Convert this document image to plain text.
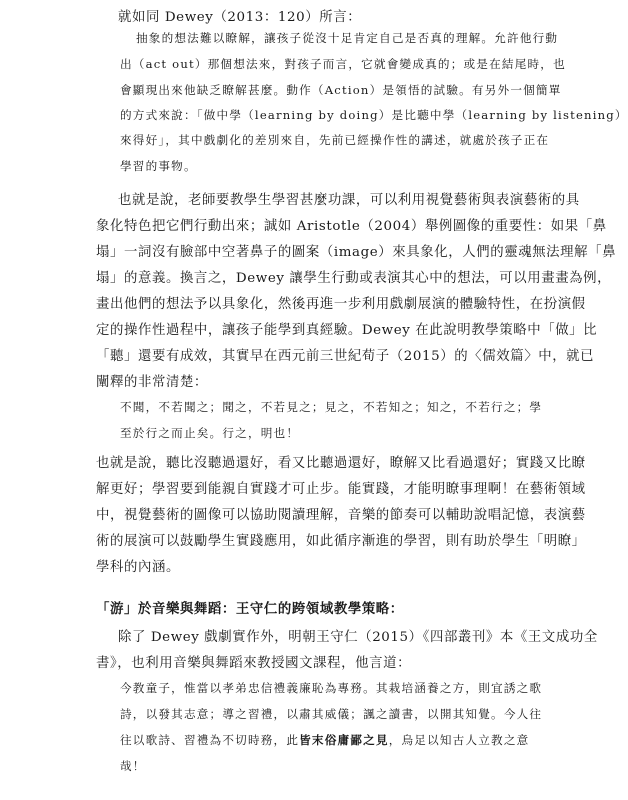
就如同 Dewey（2013：120）所言：
抽象的想法難以瞭解，讓孩子從沒十足肯定自己是否真的理解。允許他行動
出（act out）那個想法來，對孩子而言，它就會變成真的；或是在結尾時，也
會顯現出來他缺乏瞭解甚麼。動作（Action）是領悟的試驗。有另外一個簡單
的方式來說：「做中學（learning by doing）是比聽中學（learning by listening）
來得好」，其中戲劇化的差別來自，先前已經操作性的講述，就處於孩子正在
學習的事物。
也就是說，老師要教學生學習甚麼功課，可以利用視覺藝術與表演藝術的具
象化特色把它們行動出來；誠如 Aristotle（2004）舉例圖像的重要性：如果「鼻
塌」一詞沒有臉部中空著鼻子的圖案（image）來具象化，人們的靈魂無法理解「鼻
塌」的意義。換言之，Dewey 讓學生行動或表演其心中的想法，可以用畫畫為例，
畫出他們的想法予以具象化，然後再進一步利用戲劇展演的體驗特性，在扮演假
定的操作性過程中，讓孩子能學到真經驗。Dewey 在此說明教學策略中「做」比
「聽」還要有成效，其實早在西元前三世紀荀子（2015）的〈儒效篇〉中，就已
闡釋的非常清楚：
不聞，不若聞之；聞之，不若見之；見之，不若知之；知之，不若行之；學
至於行之而止矣。行之，明也！
也就是說，聽比沒聽過還好，看又比聽過還好，瞭解又比看過還好；實踐又比瞭
解更好；學習要到能親自實踐才可止步。能實踐，才能明瞭事理啊！在藝術領域
中，視覺藝術的圖像可以協助閱讀理解，音樂的節奏可以輔助說唱記憶，表演藝
術的展演可以鼓勵學生實踐應用，如此循序漸進的學習，則有助於學生「明瞭」
學科的內涵。
「游」於音樂與舞蹈：王守仁的跨領域教學策略：
除了 Dewey 戲劇實作外，明朝王守仁（2015）《四部叢刊》本《王文成功全
書》，也利用音樂與舞蹈來教授國文課程，他言道：
今教童子，惟當以孝弟忠信禮義廉恥為專務。其栽培涵養之方，則宜誘之歌
詩，以發其志意；導之習禮，以肅其威儀；諷之讀書，以開其知覺。今人往
往以歌詩、習禮為不切時務，此皆末俗庸鄙之見，烏足以知古人立教之意
哉！
